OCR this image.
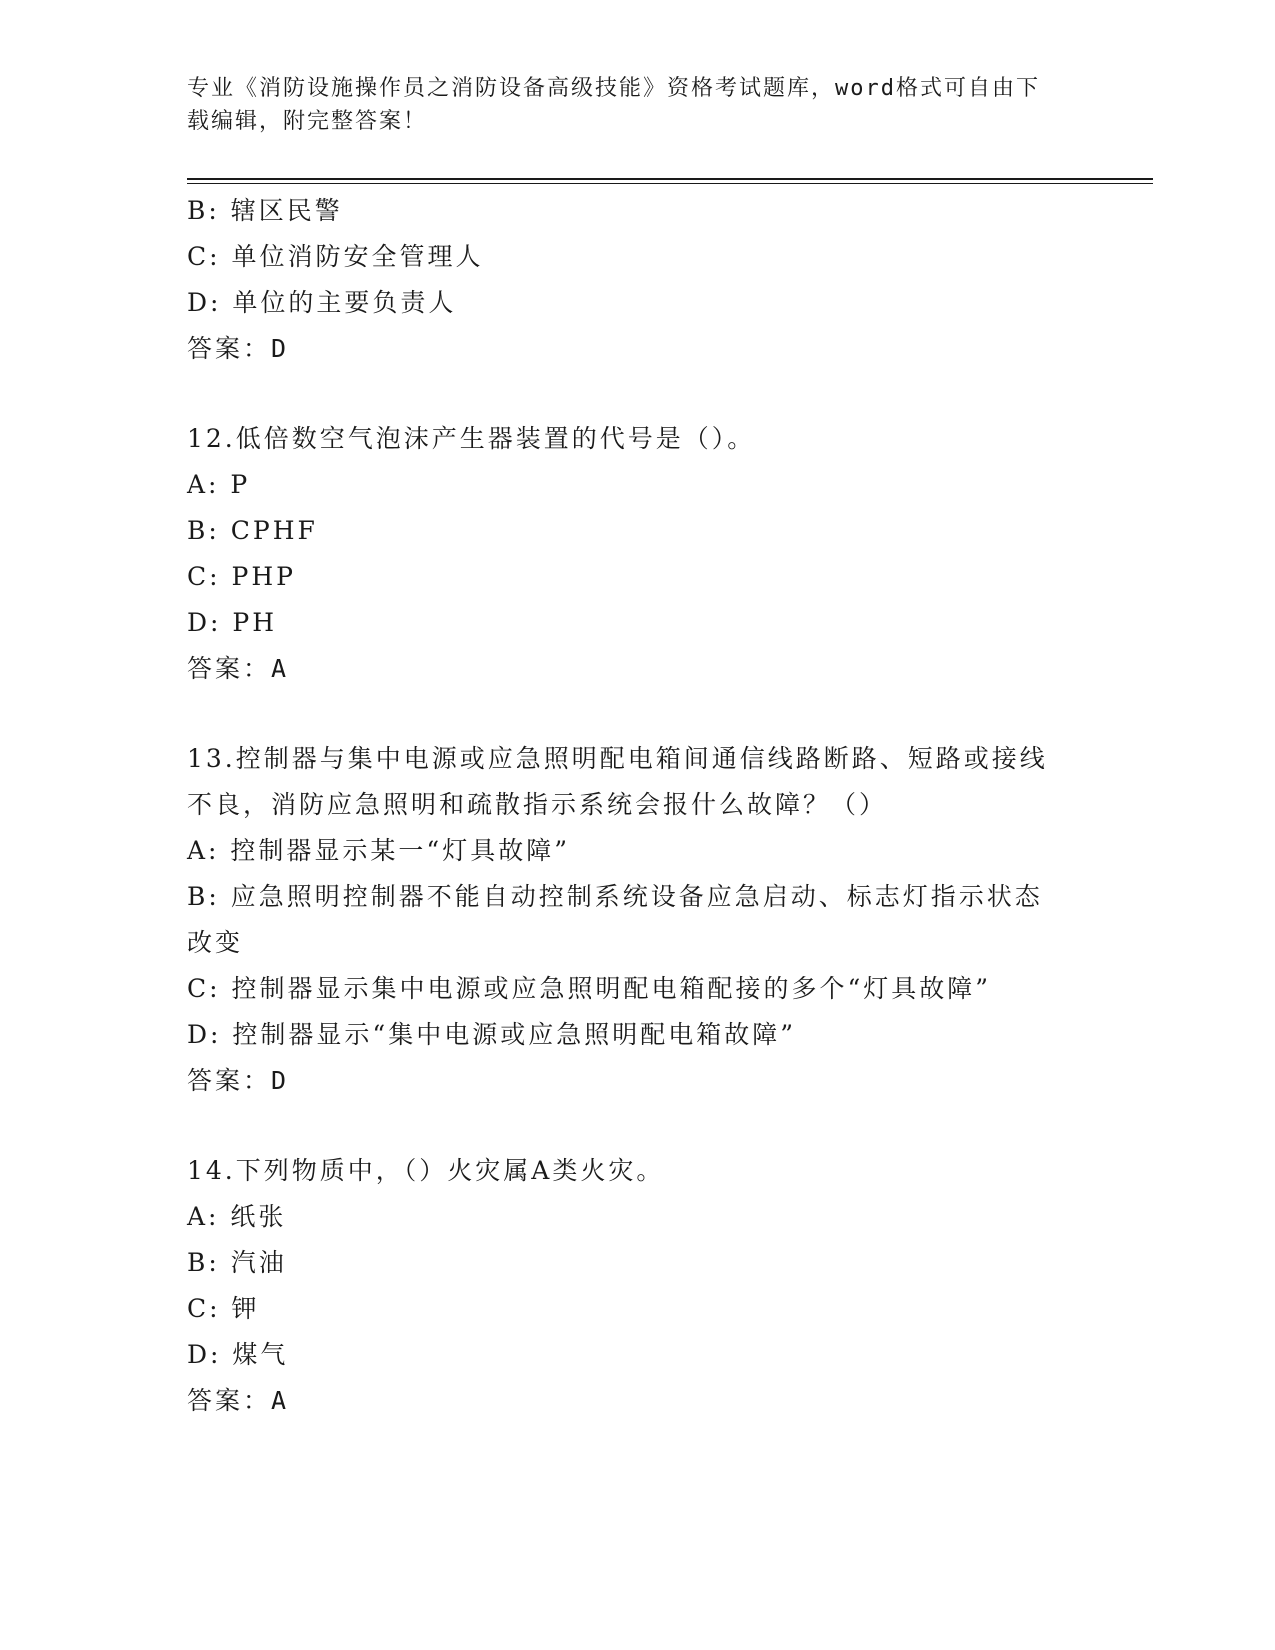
专业《消防设施操作员之消防设备高级技能》资格考试题库，word格式可自由下
载编辑，附完整答案！
B: 辖区民警
C: 单位消防安全管理人
D: 单位的主要负责人
答案：D
12.低倍数空气泡沫产生器装置的代号是（）。
A: P
B: CPHF
C: PHP
D: PH
答案：A
13.控制器与集中电源或应急照明配电箱间通信线路断路、短路或接线
不良，消防应急照明和疏散指示系统会报什么故障？（）
A: 控制器显示某一“灯具故障”
B: 应急照明控制器不能自动控制系统设备应急启动、标志灯指示状态
改变
C: 控制器显示集中电源或应急照明配电箱配接的多个“灯具故障”
D: 控制器显示“集中电源或应急照明配电箱故障”
答案：D
14.下列物质中，（）火灾属A类火灾。
A: 纸张
B: 汽油
C: 钾
D: 煤气
答案：A
